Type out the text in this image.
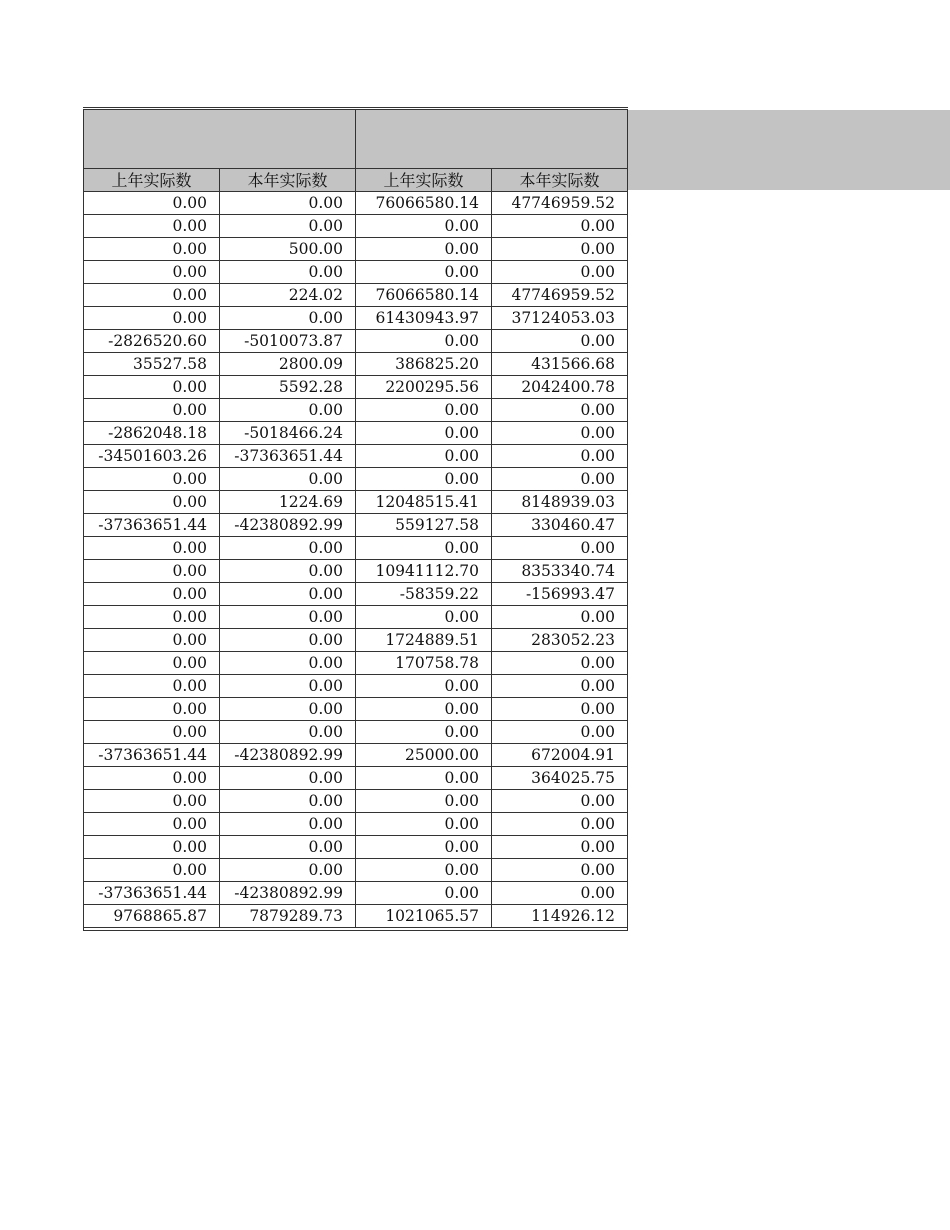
上年实际数	本年实际数	上年实际数	本年实际数
0.00	0.00	76066580.14	47746959.52
0.00	0.00	0.00	0.00
0.00	500.00	0.00	0.00
0.00	0.00	0.00	0.00
0.00	224.02	76066580.14	47746959.52
0.00	0.00	61430943.97	37124053.03
-2826520.60	-5010073.87	0.00	0.00
35527.58	2800.09	386825.20	431566.68
0.00	5592.28	2200295.56	2042400.78
0.00	0.00	0.00	0.00
-2862048.18	-5018466.24	0.00	0.00
-34501603.26	-37363651.44	0.00	0.00
0.00	0.00	0.00	0.00
0.00	1224.69	12048515.41	8148939.03
-37363651.44	-42380892.99	559127.58	330460.47
0.00	0.00	0.00	0.00
0.00	0.00	10941112.70	8353340.74
0.00	0.00	-58359.22	-156993.47
0.00	0.00	0.00	0.00
0.00	0.00	1724889.51	283052.23
0.00	0.00	170758.78	0.00
0.00	0.00	0.00	0.00
0.00	0.00	0.00	0.00
0.00	0.00	0.00	0.00
-37363651.44	-42380892.99	25000.00	672004.91
0.00	0.00	0.00	364025.75
0.00	0.00	0.00	0.00
0.00	0.00	0.00	0.00
0.00	0.00	0.00	0.00
0.00	0.00	0.00	0.00
-37363651.44	-42380892.99	0.00	0.00
9768865.87	7879289.73	1021065.57	114926.12
